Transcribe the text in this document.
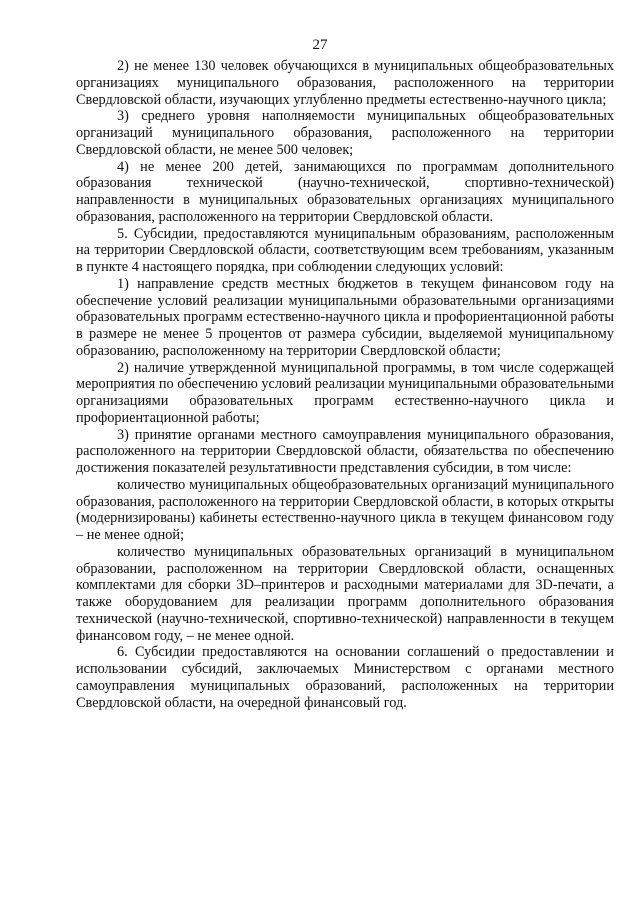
27

2) не менее 130 человек обучающихся в муниципальных общеобразовательных организациях муниципального образования, расположенного на территории Свердловской области, изучающих углубленно предметы естественно-научного цикла;

3) среднего уровня наполняемости муниципальных общеобразовательных организаций муниципального образования, расположенного на территории Свердловской области, не менее 500 человек;

4) не менее 200 детей, занимающихся по программам дополнительного образования технической (научно-технической, спортивно-технической) направленности в муниципальных образовательных организациях муниципального образования, расположенного на территории Свердловской области.

5. Субсидии, предоставляются муниципальным образованиям, расположенным на территории Свердловской области, соответствующим всем требованиям, указанным в пункте 4 настоящего порядка, при соблюдении следующих условий:

1) направление средств местных бюджетов в текущем финансовом году на обеспечение условий реализации муниципальными образовательными организациями образовательных программ естественно-научного цикла и профориентационной работы в размере не менее 5 процентов от размера субсидии, выделяемой муниципальному образованию, расположенному на территории Свердловской области;

2) наличие утвержденной муниципальной программы, в том числе содержащей мероприятия по обеспечению условий реализации муниципальными образовательными организациями образовательных программ естественно-научного цикла и профориентационной работы;

3) принятие органами местного самоуправления муниципального образования, расположенного на территории Свердловской области, обязательства по обеспечению достижения показателей результативности представления субсидии, в том числе:

количество муниципальных общеобразовательных организаций муниципального образования, расположенного на территории Свердловской области, в которых открыты (модернизированы) кабинеты естественно-научного цикла в текущем финансовом году – не менее одной;

количество муниципальных образовательных организаций в муниципальном образовании, расположенном на территории Свердловской области, оснащенных комплектами для сборки 3D–принтеров и расходными материалами для 3D-печати, а также оборудованием для реализации программ дополнительного образования технической (научно-технической, спортивно-технической) направленности в текущем финансовом году, – не менее одной.

6. Субсидии предоставляются на основании соглашений о предоставлении и использовании субсидий, заключаемых Министерством с органами местного самоуправления муниципальных образований, расположенных на территории Свердловской области, на очередной финансовый год.
